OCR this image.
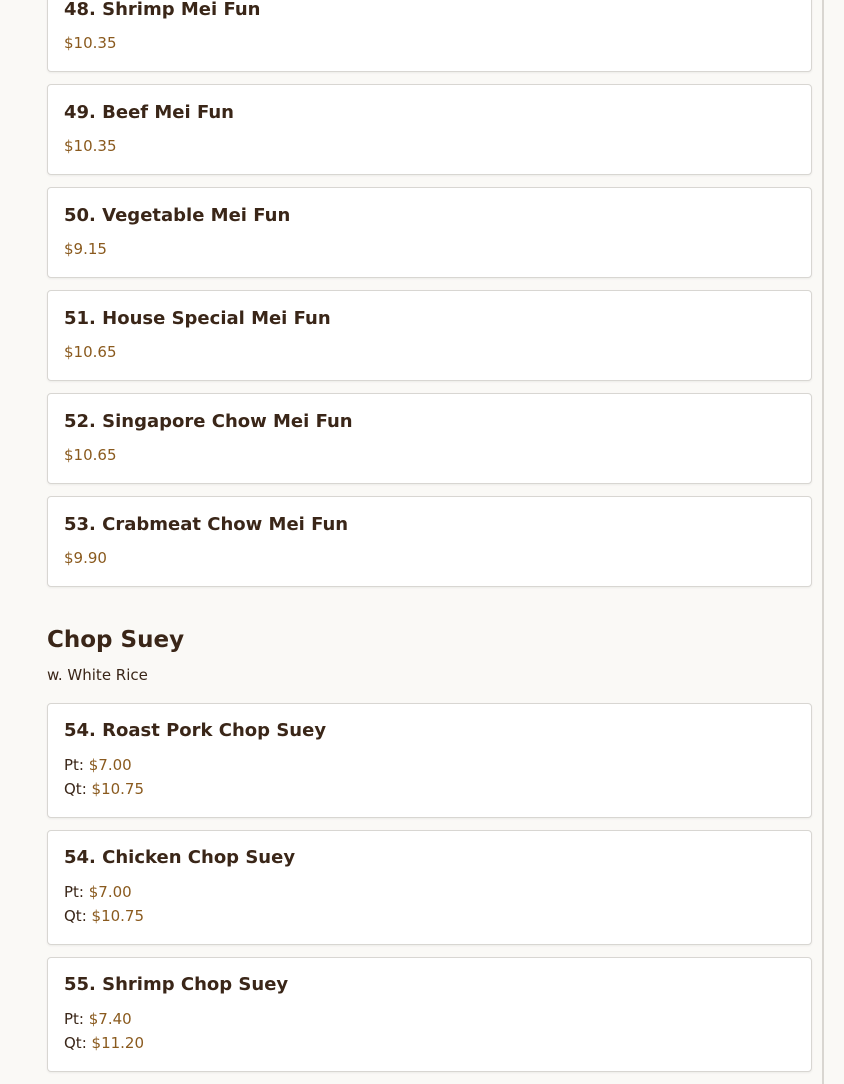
48. Shrimp Mei Fun
$10.35
49. Beef Mei Fun
$10.35
50. Vegetable Mei Fun
$9.15
51. House Special Mei Fun
$10.65
52. Singapore Chow Mei Fun
$10.65
53. Crabmeat Chow Mei Fun
$9.90
Chop Suey
w. White Rice
54. Roast Pork Chop Suey
Pt: $7.00
Qt: $10.75
54. Chicken Chop Suey
Pt: $7.00
Qt: $10.75
55. Shrimp Chop Suey
Pt: $7.40
Qt: $11.20
